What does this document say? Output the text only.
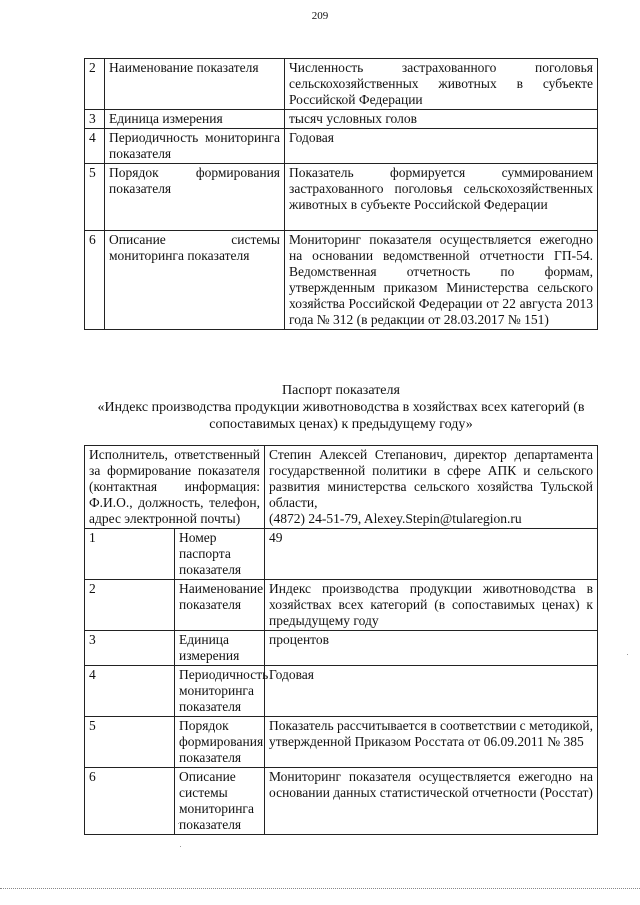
209
2	Наименование показателя	Численность застрахованного поголовья сельскохозяйственных животных в субъекте Российской Федерации
3	Единица измерения	тысяч условных голов
4	Периодичность мониторинга показателя	Годовая
5	Порядок формирования показателя	Показатель формируется суммированием застрахованного поголовья сельскохозяйственных животных в субъекте Российской Федерации
6	Описание системы мониторинга показателя	Мониторинг показателя осуществляется ежегодно на основании ведомственной отчетности ГП-54. Ведомственная отчетность по формам, утвержденным приказом Министерства сельского хозяйства Российской Федерации от 22 августа 2013 года № 312 (в редакции от 28.03.2017 № 151)
Паспорт показателя
«Индекс производства продукции животноводства в хозяйствах всех категорий (в сопоставимых ценах) к предыдущему году»
Исполнитель, ответственный за формирование показателя (контактная информация: Ф.И.О., должность, телефон, адрес электронной почты)		Степин Алексей Степанович, директор департамента государственной политики в сфере АПК и сельского развития министерства сельского хозяйства Тульской области,
(4872) 24-51-79, Alexey.Stepin@tularegion.ru

1	Номер паспорта показателя	49
2	Наименование показателя	Индекс производства продукции животноводства в хозяйствах всех категорий (в сопоставимых ценах) к предыдущему году
3	Единица измерения	процентов
4	Периодичность мониторинга показателя	Годовая
5	Порядок формирования показателя	Показатель рассчитывается в соответствии с методикой, утвержденной Приказом Росстата от 06.09.2011 № 385
6	Описание системы мониторинга показателя	Мониторинг показателя осуществляется ежегодно на основании данных статистической отчетности (Росстат)
